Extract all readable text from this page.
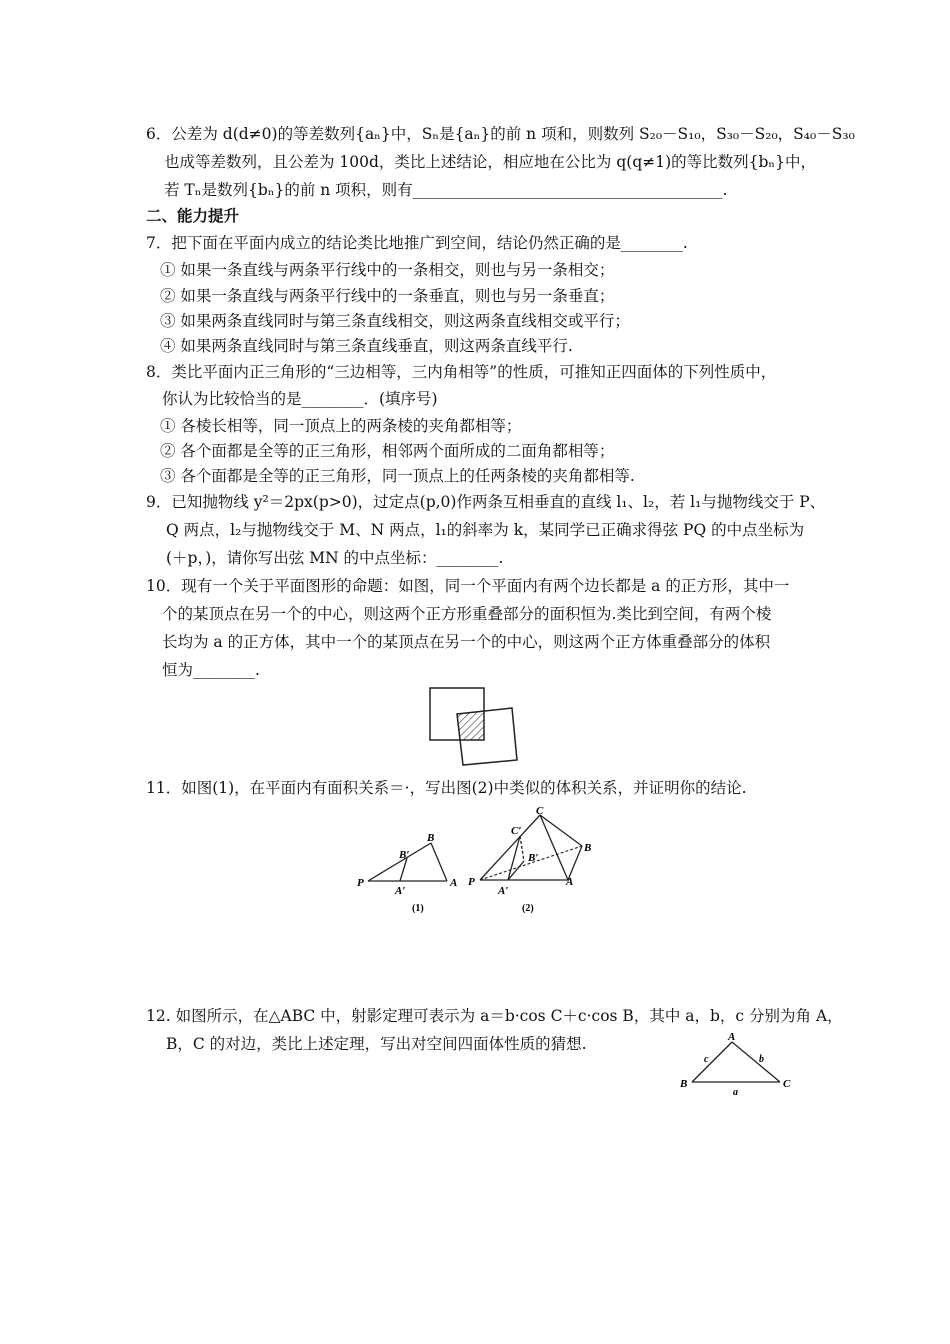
6．公差为 d(d≠0)的等差数列{aₙ}中，Sₙ是{aₙ}的前 n 项和，则数列 S₂₀－S₁₀，S₃₀－S₂₀，S₄₀－S₃₀
也成等差数列，且公差为 100d，类比上述结论，相应地在公比为 q(q≠1)的等比数列{bₙ}中，
若 Tₙ是数列{bₙ}的前 n 项积，则有________________________________________.
二、能力提升
7．把下面在平面内成立的结论类比地推广到空间，结论仍然正确的是________.
① 如果一条直线与两条平行线中的一条相交，则也与另一条相交；
② 如果一条直线与两条平行线中的一条垂直，则也与另一条垂直；
③ 如果两条直线同时与第三条直线相交，则这两条直线相交或平行；
④ 如果两条直线同时与第三条直线垂直，则这两条直线平行.
8．类比平面内正三角形的“三边相等，三内角相等”的性质，可推知正四面体的下列性质中，
你认为比较恰当的是________．(填序号)
① 各棱长相等，同一顶点上的两条棱的夹角都相等；
② 各个面都是全等的正三角形，相邻两个面所成的二面角都相等；
③ 各个面都是全等的正三角形，同一顶点上的任两条棱的夹角都相等.
9．已知抛物线 y²＝2px(p>0)，过定点(p,0)作两条互相垂直的直线 l₁、l₂，若 l₁与抛物线交于 P、
Q 两点，l₂与抛物线交于 M、N 两点，l₁的斜率为 k，某同学已正确求得弦 PQ 的中点坐标为
(＋p，)，请你写出弦 MN 的中点坐标：________.
10．现有一个关于平面图形的命题：如图，同一个平面内有两个边长都是 a 的正方形，其中一
个的某顶点在另一个的中心，则这两个正方形重叠部分的面积恒为.类比到空间，有两个棱
长均为 a 的正方体，其中一个的某顶点在另一个的中心，则这两个正方体重叠部分的体积
恒为________.
11．如图(1)，在平面内有面积关系＝·，写出图(2)中类似的体积关系，并证明你的结论.
P
A′
A
B′
B
(1)
C
C′
B′
B
P
A′
A
(2)
12. 如图所示，在△ABC 中，射影定理可表示为 a＝b·cos C＋c·cos B，其中 a，b，c 分别为角 A，
B，C 的对边，类比上述定理，写出对空间四面体性质的猜想.	A
B	C
a
b
c
